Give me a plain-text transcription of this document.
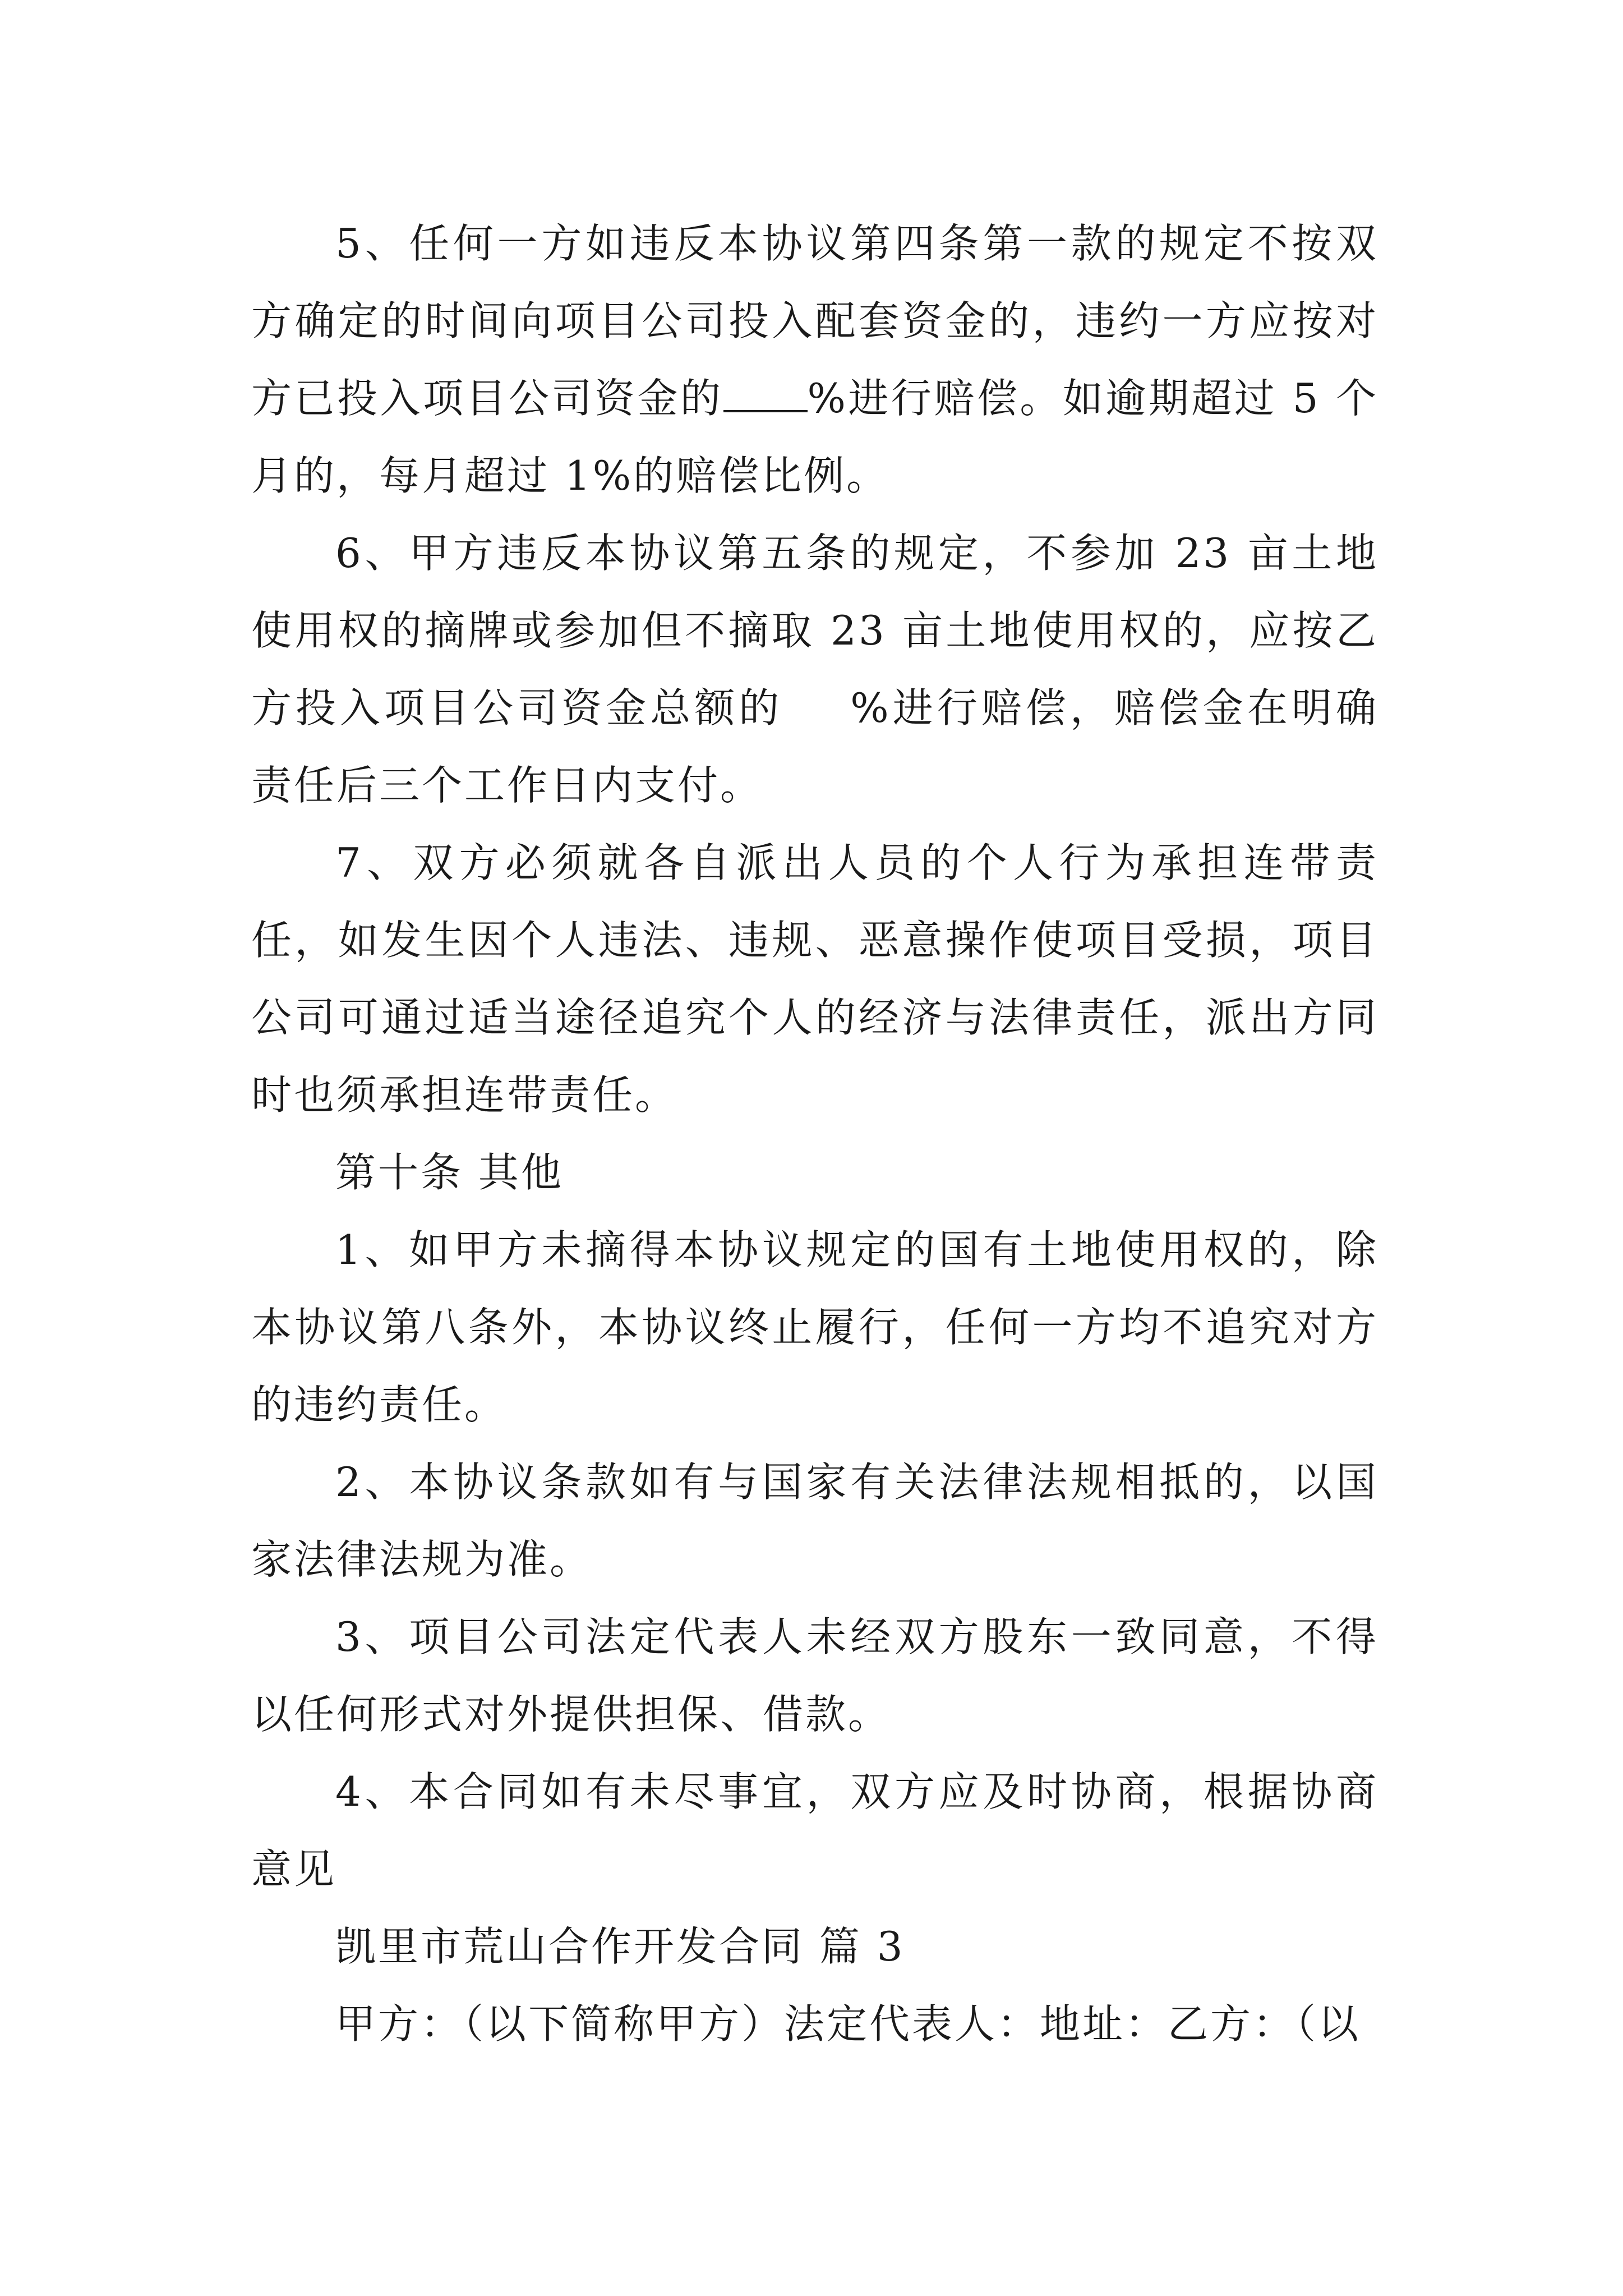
5、任何一方如违反本协议第四条第一款的规定不按双方确定的时间向项目公司投入配套资金的，违约一方应按对方已投入项目公司资金的 %进行赔偿。如逾期超过 5 个月的，每月超过 1%的赔偿比例。

6、甲方违反本协议第五条的规定，不参加 23 亩土地使用权的摘牌或参加但不摘取 23 亩土地使用权的，应按乙方投入项目公司资金总额的 %进行赔偿，赔偿金在明确责任后三个工作日内支付。

7、双方必须就各自派出人员的个人行为承担连带责任，如发生因个人违法、违规、恶意操作使项目受损，项目公司可通过适当途径追究个人的经济与法律责任，派出方同时也须承担连带责任。

第十条 其他

1、如甲方未摘得本协议规定的国有土地使用权的，除本协议第八条外，本协议终止履行，任何一方均不追究对方的违约责任。

2、本协议条款如有与国家有关法律法规相抵的，以国家法律法规为准。

3、项目公司法定代表人未经双方股东一致同意，不得以任何形式对外提供担保、借款。

4、本合同如有未尽事宜，双方应及时协商，根据协商意见

凯里市荒山合作开发合同 篇 3

甲方：（以下简称甲方）法定代表人：地址：乙方：（以
